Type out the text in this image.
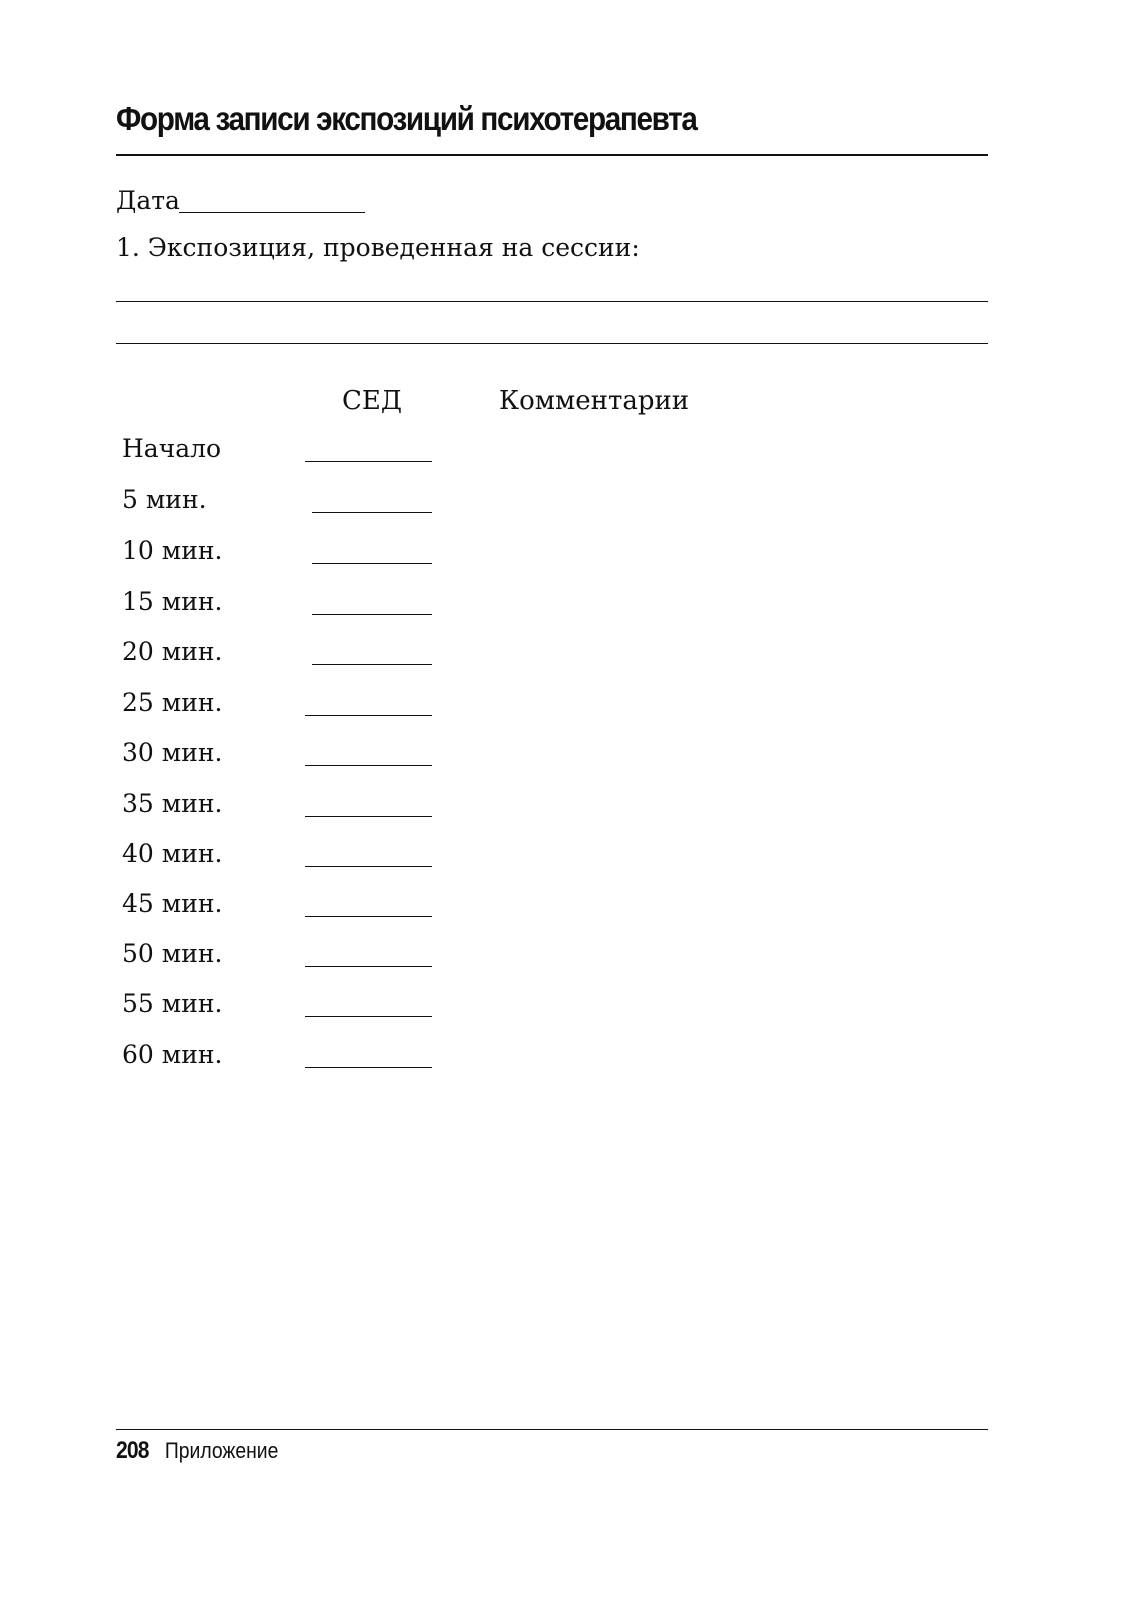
Форма записи экспозиций психотерапевта
Дата
1. Экспозиция, проведенная на сессии:
СЕД	Комментарии
Начало
5 мин.
10 мин.
15 мин.
20 мин.
25 мин.
30 мин.
35 мин.
40 мин.
45 мин.
50 мин.
55 мин.
60 мин.
208 Приложение
